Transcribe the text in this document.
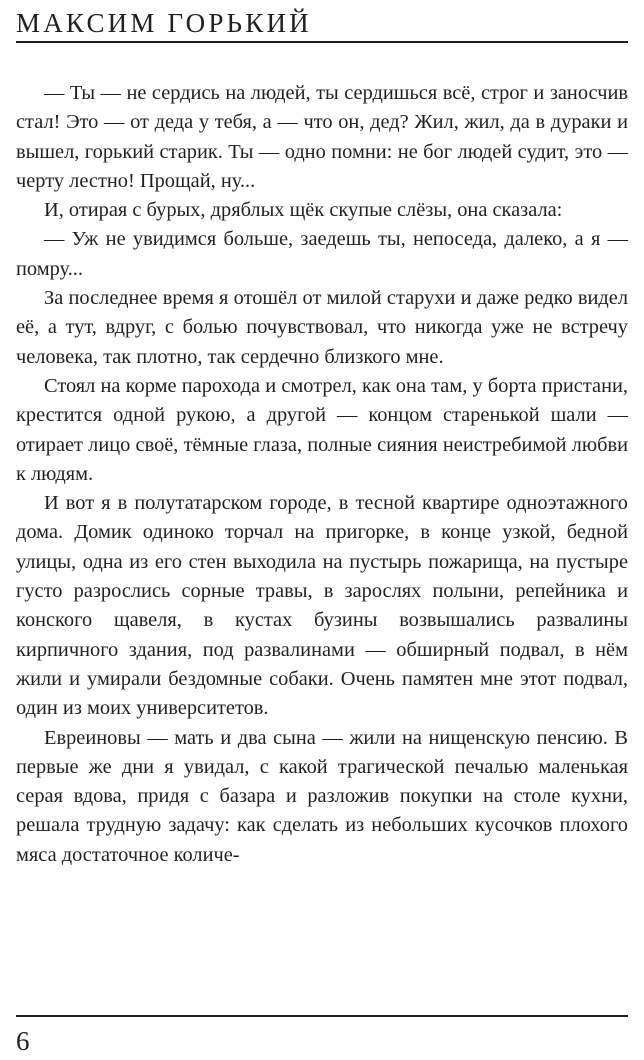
МАКСИМ ГОРЬКИЙ

— Ты — не сердись на людей, ты сердишься всё, строг и заносчив стал! Это — от деда у тебя, а — что он, дед? Жил, жил, да в дураки и вышел, горький старик. Ты — одно помни: не бог людей судит, это — черту лестно! Прощай, ну...

И, отирая с бурых, дряблых щёк скупые слёзы, она сказала:

— Уж не увидимся больше, заедешь ты, непоседа, далеко, а я — помру...

За последнее время я отошёл от милой старухи и даже редко видел её, а тут, вдруг, с болью почувствовал, что никогда уже не встречу человека, так плотно, так сердечно близкого мне.

Стоял на корме парохода и смотрел, как она там, у борта пристани, крестится одной рукою, а другой — концом старенькой шали — отирает лицо своё, тёмные глаза, полные сияния неистребимой любви к людям.

И вот я в полутатарском городе, в тесной квартире одноэтажного дома. Домик одиноко торчал на пригорке, в конце узкой, бедной улицы, одна из его стен выходила на пустырь пожарища, на пустыре густо разрослись сорные травы, в зарослях полыни, репейника и конского щавеля, в кустах бузины возвышались развалины кирпичного здания, под развалинами — обширный подвал, в нём жили и умирали бездомные собаки. Очень памятен мне этот подвал, один из моих университетов.

Евреиновы — мать и два сына — жили на нищенскую пенсию. В первые же дни я увидал, с какой трагической печалью маленькая серая вдова, придя с базара и разложив покупки на столе кухни, решала трудную задачу: как сделать из небольших кусочков плохого мяса достаточное количе-

6
